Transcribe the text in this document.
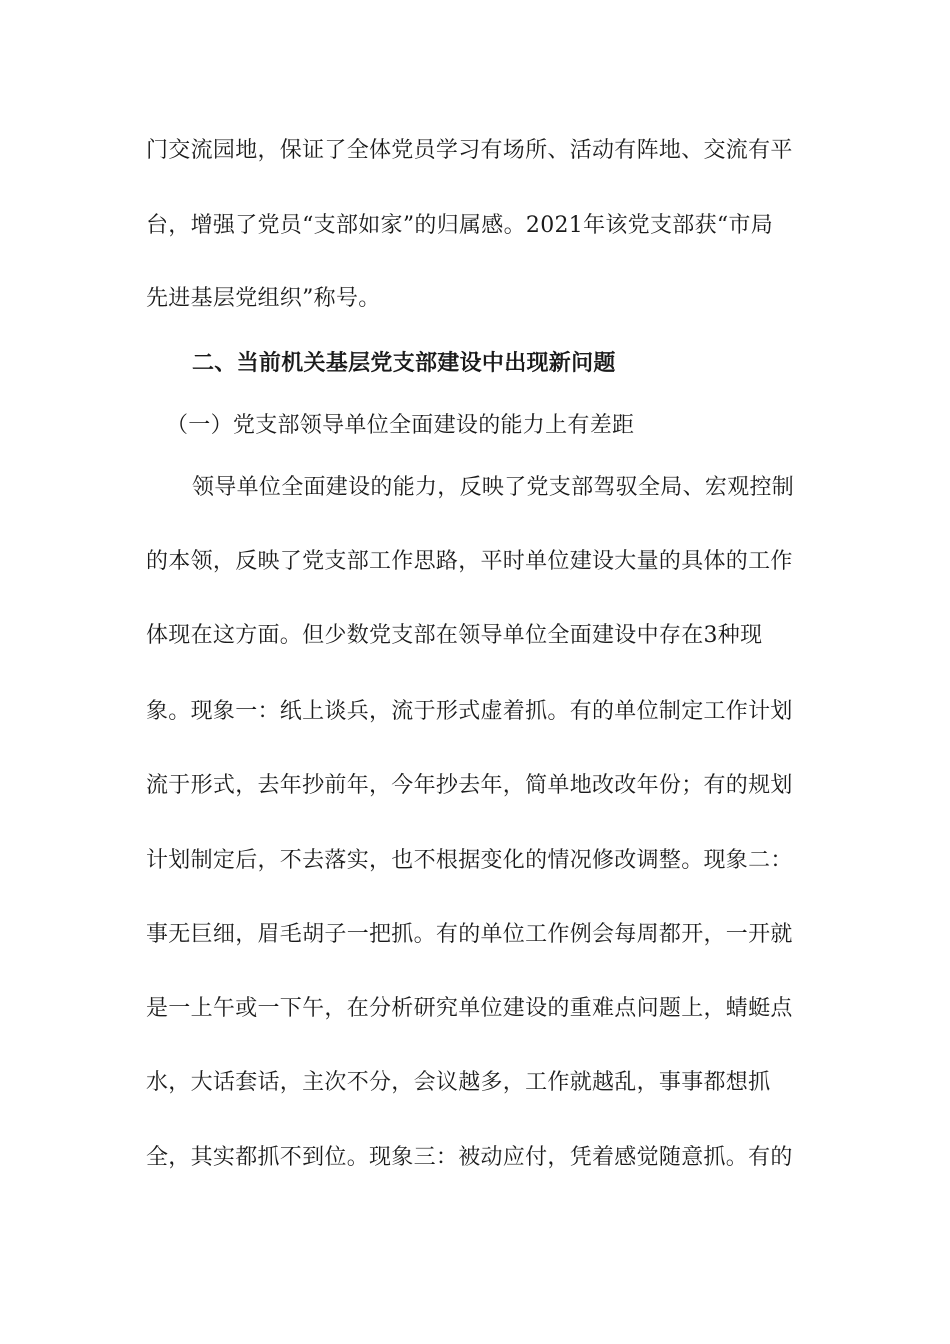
门交流园地，保证了全体党员学习有场所、活动有阵地、交流有平
台，增强了党员“支部如家”的归属感。2021年该党支部获“市局
先进基层党组织”称号。
二、当前机关基层党支部建设中出现新问题
（一）党支部领导单位全面建设的能力上有差距
领导单位全面建设的能力，反映了党支部驾驭全局、宏观控制
的本领，反映了党支部工作思路，平时单位建设大量的具体的工作
体现在这方面。但少数党支部在领导单位全面建设中存在3种现
象。现象一：纸上谈兵，流于形式虚着抓。有的单位制定工作计划
流于形式，去年抄前年，今年抄去年，简单地改改年份；有的规划
计划制定后，不去落实，也不根据变化的情况修改调整。现象二：
事无巨细，眉毛胡子一把抓。有的单位工作例会每周都开，一开就
是一上午或一下午，在分析研究单位建设的重难点问题上，蜻蜓点
水，大话套话，主次不分，会议越多，工作就越乱，事事都想抓
全，其实都抓不到位。现象三：被动应付，凭着感觉随意抓。有的
